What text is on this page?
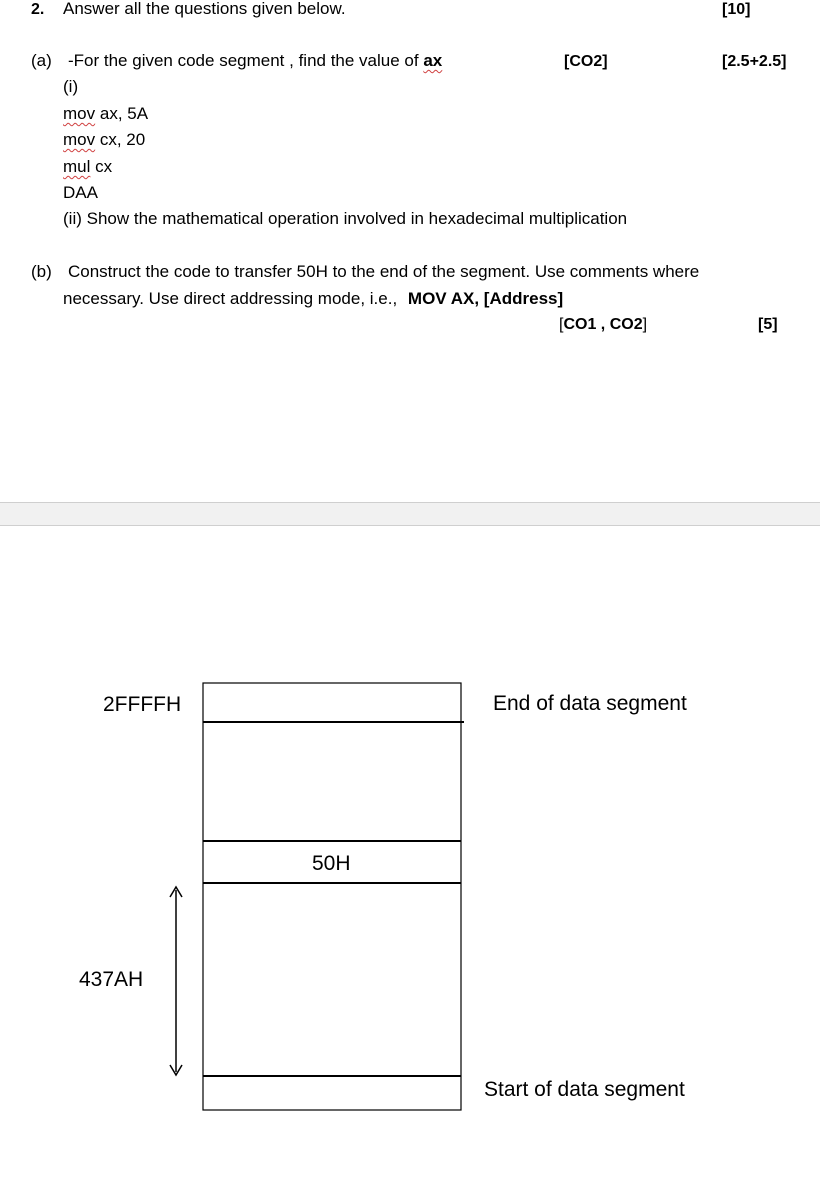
2. Answer all the questions given below.	[10]
(a) -For the given code segment , find the value of ax	[CO2]	[2.5+2.5]
(i)
mov ax, 5A
mov cx, 20
mul cx
DAA
(ii) Show the mathematical operation involved in hexadecimal multiplication
(b) Construct the code to transfer 50H to the end of the segment. Use comments where
necessary. Use direct addressing mode, i.e., MOV AX, [Address]
[CO1 , CO2]	[5]
2FFFFH	End of data segment
50H
437AH
Start of data segment
